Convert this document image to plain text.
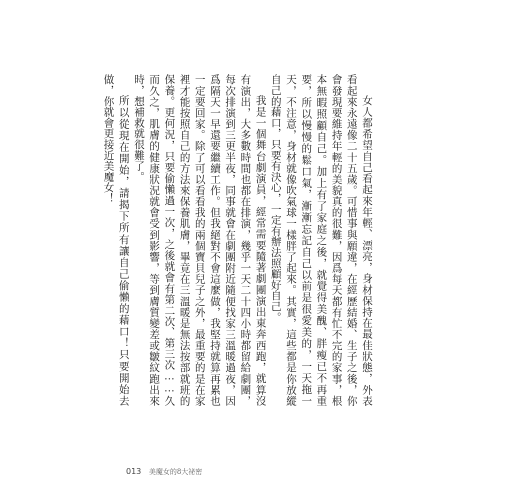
女人都希望自己看起來年輕、漂亮，身材保持在最佳狀態，外表看起來永遠像二十五歲。可惜事與願違，在經歷結婚、生子之後，你會發現要維持年輕的美貌真的很難，因爲每天都有忙不完的家事，根本無暇照顧自己。加上有了家庭之後，就覺得美醜、胖瘦已不再重要，所以慢慢的鬆口氣，漸漸忘記自己以前是很愛美的，一天拖一天，不注意，身材就像吹氣球一樣胖了起來。其實，這些都是你放縱自己的藉口，只要有決心，一定有辦法照顧好自己。

我是一個舞台劇演員，經常需要隨著劇團演出東奔西跑，就算沒有演出，大多數時間也都在排演，幾乎一天二十四小時都留給劇團，每次排演到三更半夜，同事就會在劇團附近隨便找家三溫暖過夜，因爲隔天一早還要繼續工作。但我絕對不會這麼做，我堅持就算再累也一定要回家。除了可以看看我的兩個寶貝兒子之外，最重要的是在家裡才能按照自己的方法來保養肌膚，畢竟在三溫暖是無法按部就班的保養。更何況，只要偷懶過一次，之後就會有第二次、第三次……久而久之，肌膚的健康狀況就會受到影響，等到膚質變差或皺紋跑出來時，想補救就很難了。

所以從現在開始，請揭下所有讓自己偷懶的藉口！只要開始去做，你就會更接近美魔女！

013 美魔女的8大祕密
